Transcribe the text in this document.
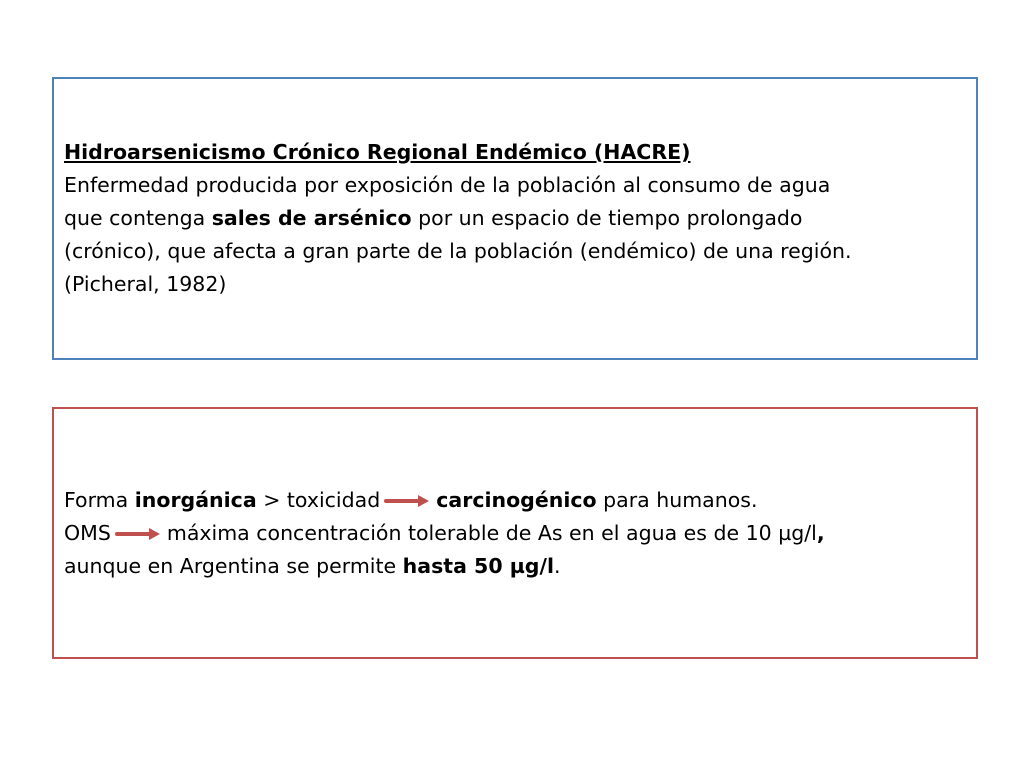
Hidroarsenicismo Crónico Regional Endémico (HACRE)
Enfermedad producida por exposición de la población al consumo de agua
que contenga sales de arsénico por un espacio de tiempo prolongado
(crónico), que afecta a gran parte de la población (endémico) de una región.
(Picheral, 1982)
Forma inorgánica > toxicidad	carcinogénico para humanos.
OMS	máxima concentración tolerable de As en el agua es de 10 µg/l,
aunque en Argentina se permite hasta 50 µg/l.
